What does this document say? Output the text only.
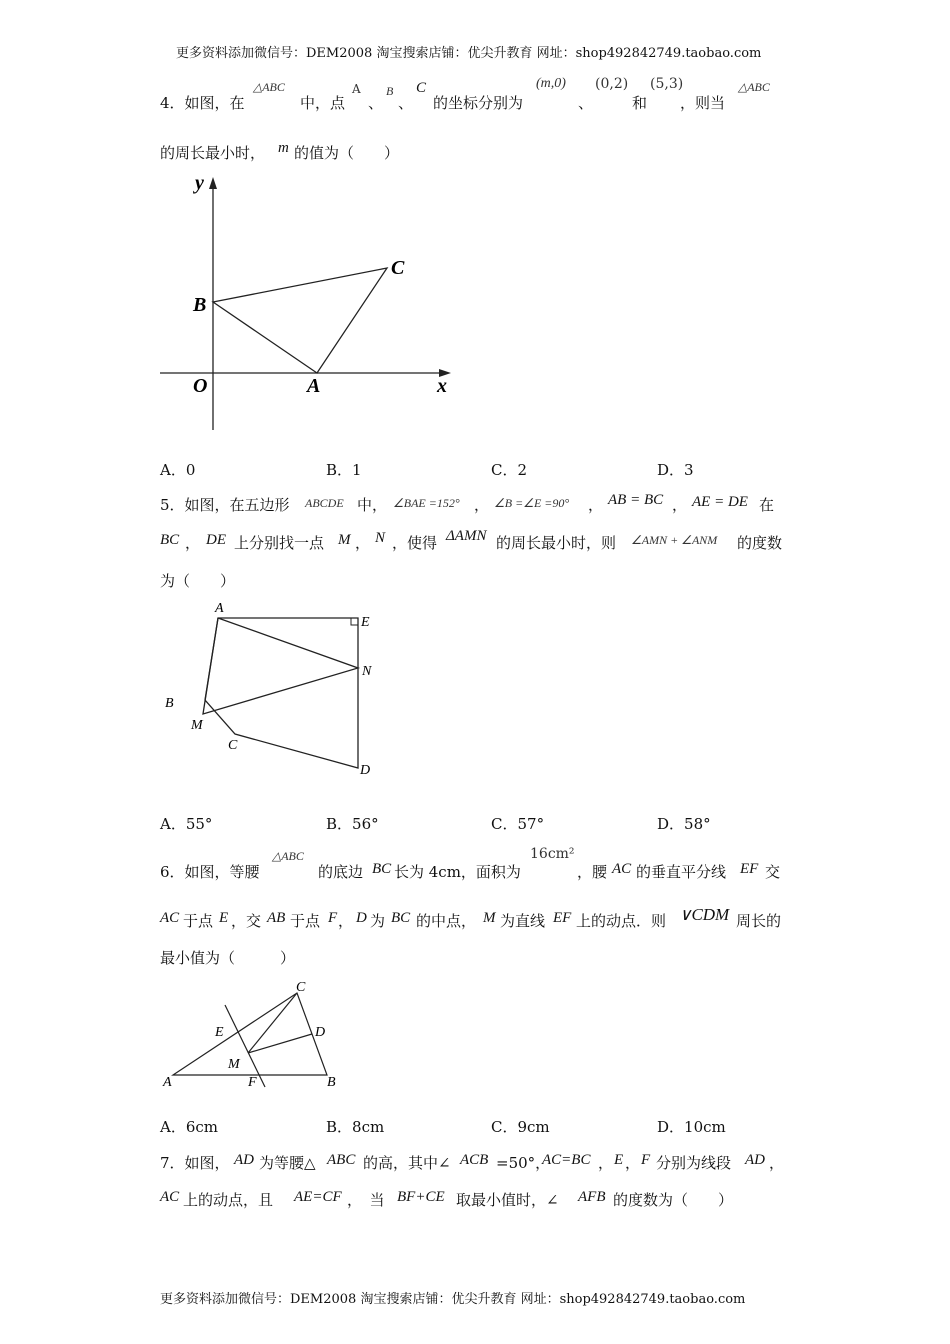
更多资料添加微信号：DEM2008 淘宝搜索店铺：优尖升教育 网址：shop492842749.taobao.com
4．如图，在
△ABC
中，点
A
、
B
、
C
的坐标分别为
(m,0)
、
(0,2)
和
(5,3)
，则当
△ABC
的周长最小时， m 的值为（　　）
y
x
O	A
B
C
A．0	B．1	C．2	D．3
5．如图，在五边形 ABCDE 中， ∠BAE =152° ， ∠B =∠E =90° ， AB = BC ， AE = DE 在
BC ， DE 上分别找一点 M ， N ，使得 ΔAMN 的周长最小时，则 ∠AMN + ∠ANM 的度数
为（　　）
A
E
N
B
M
C
D
A．55°	B．56°	C．57°	D．58°
6．如图，等腰
△ABC
的底边 BC 长为 4cm，面积为
16cm²
，腰 AC 的垂直平分线 EF 交
AC 于点 E ，交 AB 于点 F ， D 为 BC 的中点， M 为直线 EF 上的动点．则 ∨CDM 周长的
最小值为（　　　）
C
E	D
M
A	F	B
A．6cm	B．8cm	C．9cm	D．10cm
7．如图， AD 为等腰△ ABC 的高，其中∠ ACB =50°，
AC=BC ， E ， F 分别为线段 AD ，
AC 上的动点，且 AE=CF ，　当 BF+CE 取最小值时，∠ AFB 的度数为（　　）
更多资料添加微信号：DEM2008 淘宝搜索店铺：优尖升教育 网址：shop492842749.taobao.com
